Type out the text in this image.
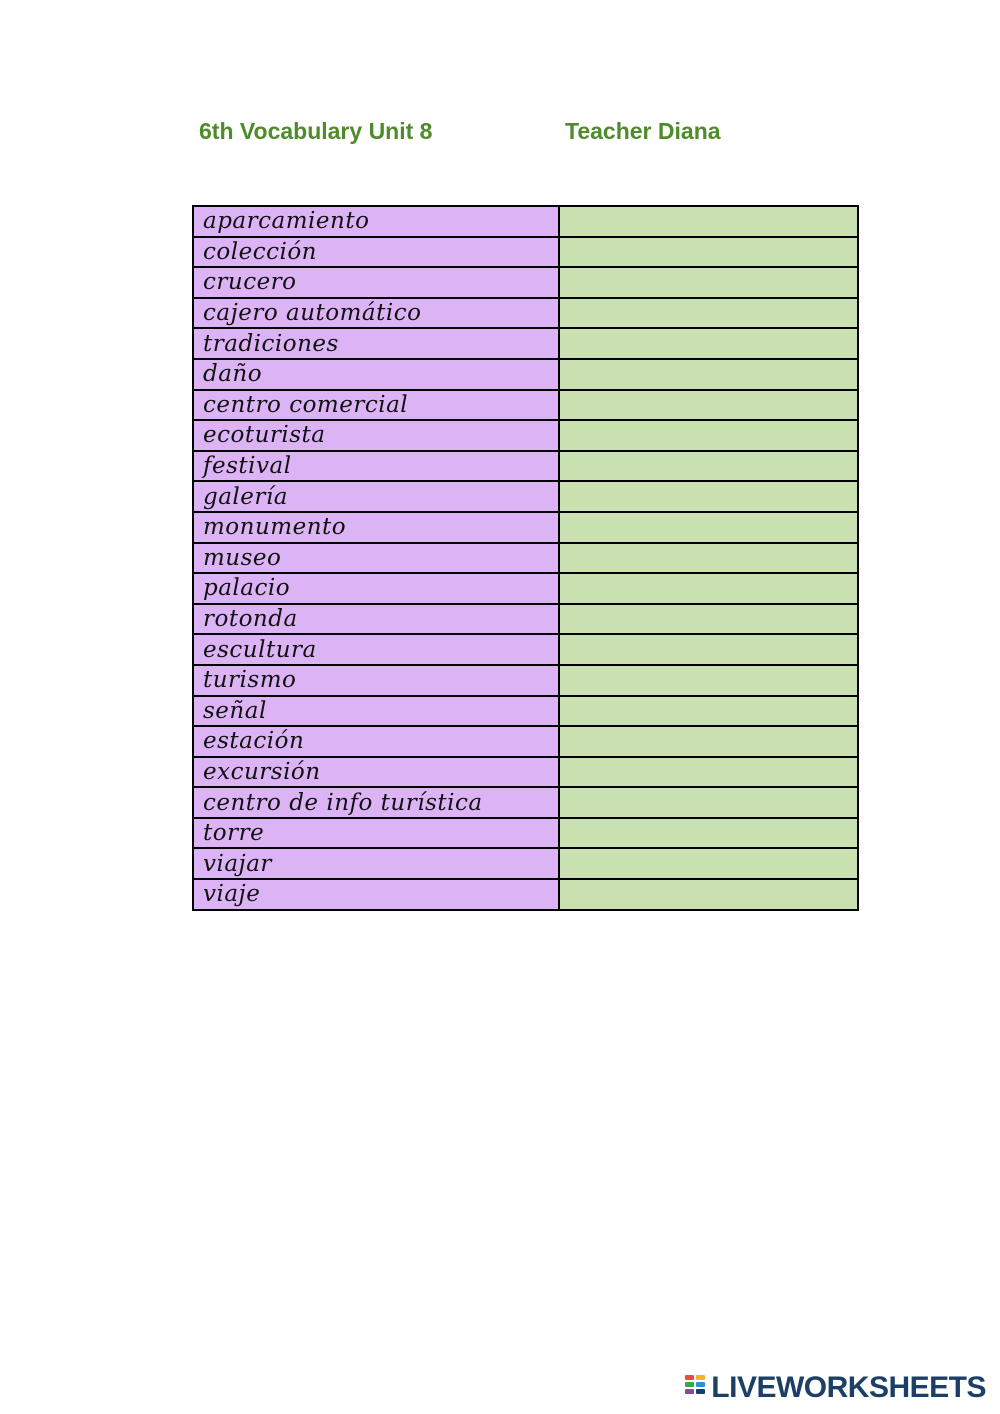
6th Vocabulary Unit 8	Teacher Diana
aparcamiento	
colección	
crucero	
cajero automático	
tradiciones	
daño	
centro comercial	
ecoturista	
festival	
galería	
monumento	
museo	
palacio	
rotonda	
escultura	
turismo	
señal	
estación	
excursión	
centro de info turística	
torre	
viajar	
viaje	
LIVEWORKSHEETS
